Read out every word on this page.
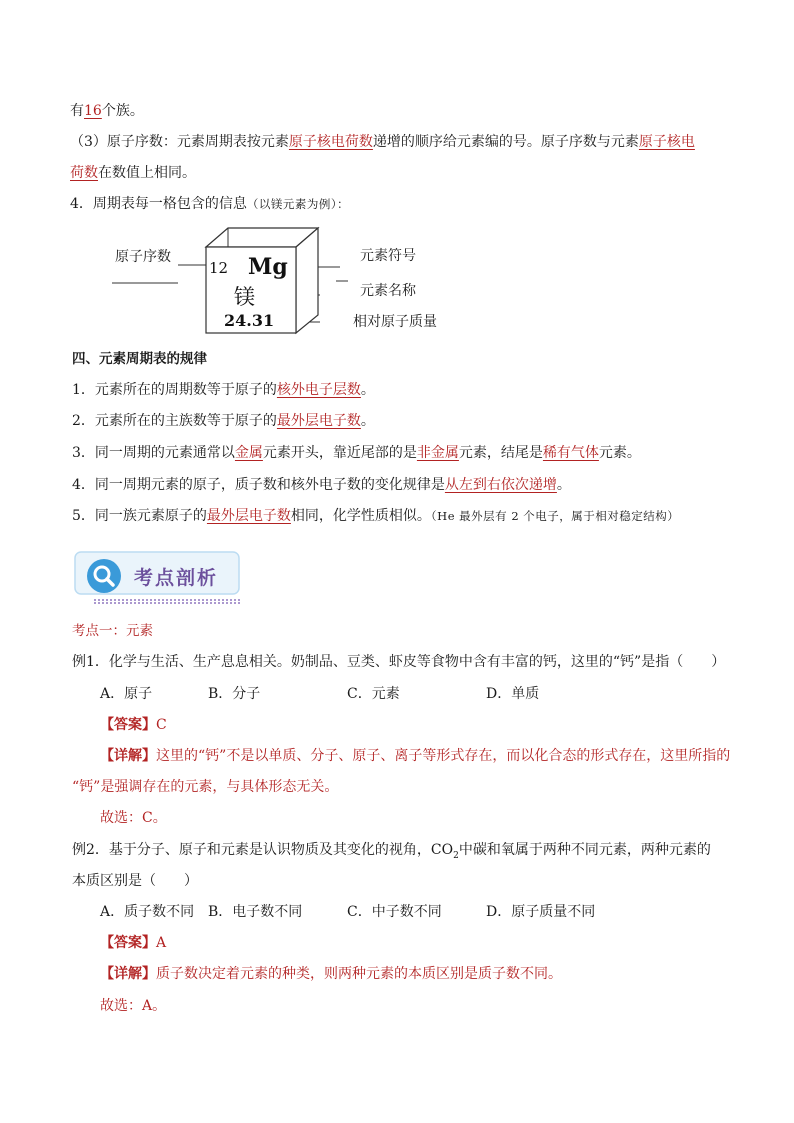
有16个族。
（3）原子序数：元素周期表按元素原子核电荷数递增的顺序给元素编的号。原子序数与元素原子核电
荷数在数值上相同。
4．周期表每一格包含的信息（以镁元素为例）：
原子序数	元素符号
元素名称
相对原子质量
12 Mg
镁
24.31
四、元素周期表的规律
1．元素所在的周期数等于原子的核外电子层数。
2．元素所在的主族数等于原子的最外层电子数。
3．同一周期的元素通常以金属元素开头，靠近尾部的是非金属元素，结尾是稀有气体元素。
4．同一周期元素的原子，质子数和核外电子数的变化规律是从左到右依次递增。
5．同一族元素原子的最外层电子数相同，化学性质相似。（He 最外层有 2 个电子，属于相对稳定结构）
考点剖析
考点一：元素
例1．化学与生活、生产息息相关。奶制品、豆类、虾皮等食物中含有丰富的钙，这里的“钙”是指（　　）
A．原子	B．分子	C．元素	D．单质
【答案】C
【详解】这里的“钙”不是以单质、分子、原子、离子等形式存在，而以化合态的形式存在，这里所指的
“钙”是强调存在的元素，与具体形态无关。
故选：C。
例2．基于分子、原子和元素是认识物质及其变化的视角，$CO_2$中碳和氧属于两种不同元素，两种元素的
本质区别是（　　）
A．质子数不同 B．电子数不同	C．中子数不同	D．原子质量不同
【答案】A
【详解】质子数决定着元素的种类，则两种元素的本质区别是质子数不同。
故选：A。
